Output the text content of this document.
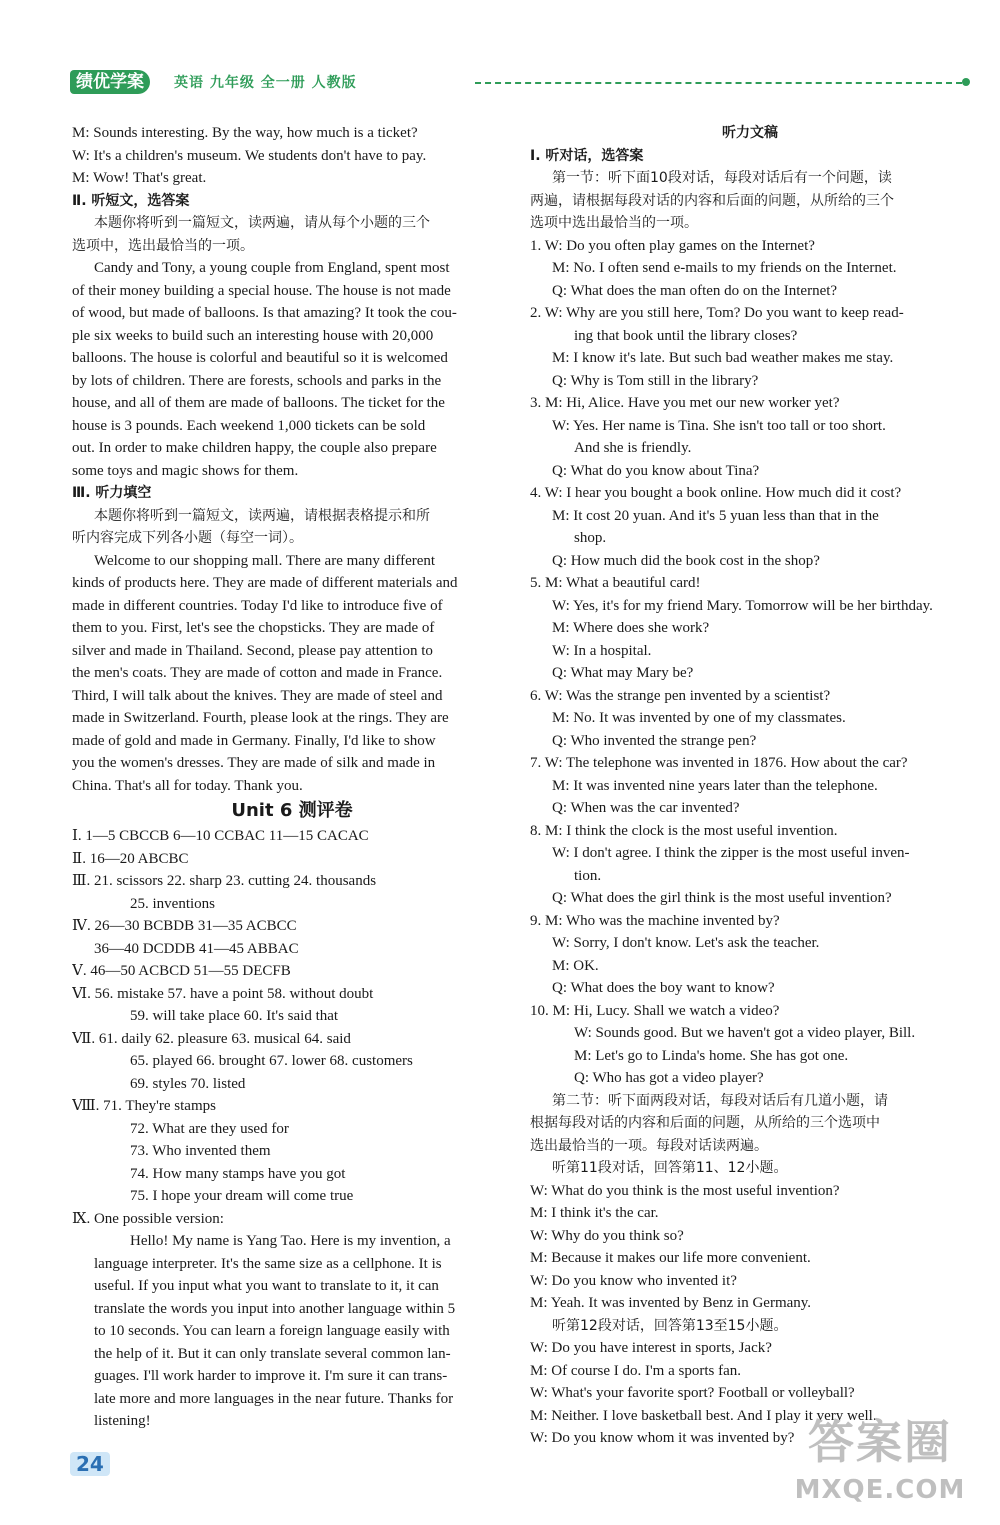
绩优学案	英语 九年级 全一册 人教版
M: Sounds interesting. By the way, how much is a ticket?
W: It's a children's museum. We students don't have to pay.
M: Wow! That's great.
Ⅱ. 听短文，选答案
本题你将听到一篇短文，读两遍，请从每个小题的三个
选项中，选出最恰当的一项。
Candy and Tony, a young couple from England, spent most
of their money building a special house. The house is not made
of wood, but made of balloons. Is that amazing? It took the cou-
ple six weeks to build such an interesting house with 20,000
balloons. The house is colorful and beautiful so it is welcomed
by lots of children. There are forests, schools and parks in the
house, and all of them are made of balloons. The ticket for the
house is 3 pounds. Each weekend 1,000 tickets can be sold
out. In order to make children happy, the couple also prepare
some toys and magic shows for them.
Ⅲ. 听力填空
本题你将听到一篇短文，读两遍，请根据表格提示和所
听内容完成下列各小题（每空一词）。
Welcome to our shopping mall. There are many different
kinds of products here. They are made of different materials and
made in different countries. Today I'd like to introduce five of
them to you. First, let's see the chopsticks. They are made of
silver and made in Thailand. Second, please pay attention to
the men's coats. They are made of cotton and made in France.
Third, I will talk about the knives. They are made of steel and
made in Switzerland. Fourth, please look at the rings. They are
made of gold and made in Germany. Finally, I'd like to show
you the women's dresses. They are made of silk and made in
China. That's all for today. Thank you.
Unit 6 测评卷
Ⅰ. 1—5 CBCCB 6—10 CCBAC 11—15 CACAC
Ⅱ. 16—20 ABCBC
Ⅲ. 21. scissors 22. sharp 23. cutting 24. thousands
25. inventions
Ⅳ. 26—30 BCBDB 31—35 ACBCC
36—40 DCDDB 41—45 ABBAC
Ⅴ. 46—50 ACBCD 51—55 DECFB
Ⅵ. 56. mistake 57. have a point 58. without doubt
59. will take place 60. It's said that
Ⅶ. 61. daily 62. pleasure 63. musical 64. said
65. played 66. brought 67. lower 68. customers
69. styles 70. listed
Ⅷ. 71. They're stamps
72. What are they used for
73. Who invented them
74. How many stamps have you got
75. I hope your dream will come true
Ⅸ. One possible version:
Hello! My name is Yang Tao. Here is my invention, a
language interpreter. It's the same size as a cellphone. It is
useful. If you input what you want to translate to it, it can
translate the words you input into another language within 5
to 10 seconds. You can learn a foreign language easily with
the help of it. But it can only translate several common lan-
guages. I'll work harder to improve it. I'm sure it can trans-
late more and more languages in the near future. Thanks for
listening!
听力文稿
Ⅰ. 听对话，选答案
第一节：听下面10段对话，每段对话后有一个问题，读
两遍，请根据每段对话的内容和后面的问题，从所给的三个
选项中选出最恰当的一项。
1. W: Do you often play games on the Internet?
M: No. I often send e-mails to my friends on the Internet.
Q: What does the man often do on the Internet?
2. W: Why are you still here, Tom? Do you want to keep read-
ing that book until the library closes?
M: I know it's late. But such bad weather makes me stay.
Q: Why is Tom still in the library?
3. M: Hi, Alice. Have you met our new worker yet?
W: Yes. Her name is Tina. She isn't too tall or too short.
And she is friendly.
Q: What do you know about Tina?
4. W: I hear you bought a book online. How much did it cost?
M: It cost 20 yuan. And it's 5 yuan less than that in the
shop.
Q: How much did the book cost in the shop?
5. M: What a beautiful card!
W: Yes, it's for my friend Mary. Tomorrow will be her birthday.
M: Where does she work?
W: In a hospital.
Q: What may Mary be?
6. W: Was the strange pen invented by a scientist?
M: No. It was invented by one of my classmates.
Q: Who invented the strange pen?
7. W: The telephone was invented in 1876. How about the car?
M: It was invented nine years later than the telephone.
Q: When was the car invented?
8. M: I think the clock is the most useful invention.
W: I don't agree. I think the zipper is the most useful inven-
tion.
Q: What does the girl think is the most useful invention?
9. M: Who was the machine invented by?
W: Sorry, I don't know. Let's ask the teacher.
M: OK.
Q: What does the boy want to know?
10. M: Hi, Lucy. Shall we watch a video?
W: Sounds good. But we haven't got a video player, Bill.
M: Let's go to Linda's home. She has got one.
Q: Who has got a video player?
第二节：听下面两段对话，每段对话后有几道小题，请
根据每段对话的内容和后面的问题，从所给的三个选项中
选出最恰当的一项。每段对话读两遍。
听第11段对话，回答第11、12小题。
W: What do you think is the most useful invention?
M: I think it's the car.
W: Why do you think so?
M: Because it makes our life more convenient.
W: Do you know who invented it?
M: Yeah. It was invented by Benz in Germany.
听第12段对话，回答第13至15小题。
W: Do you have interest in sports, Jack?
M: Of course I do. I'm a sports fan.
W: What's your favorite sport? Football or volleyball?
M: Neither. I love basketball best. And I play it very well.
W: Do you know whom it was invented by?
24	答案圈
MXQE.COM
